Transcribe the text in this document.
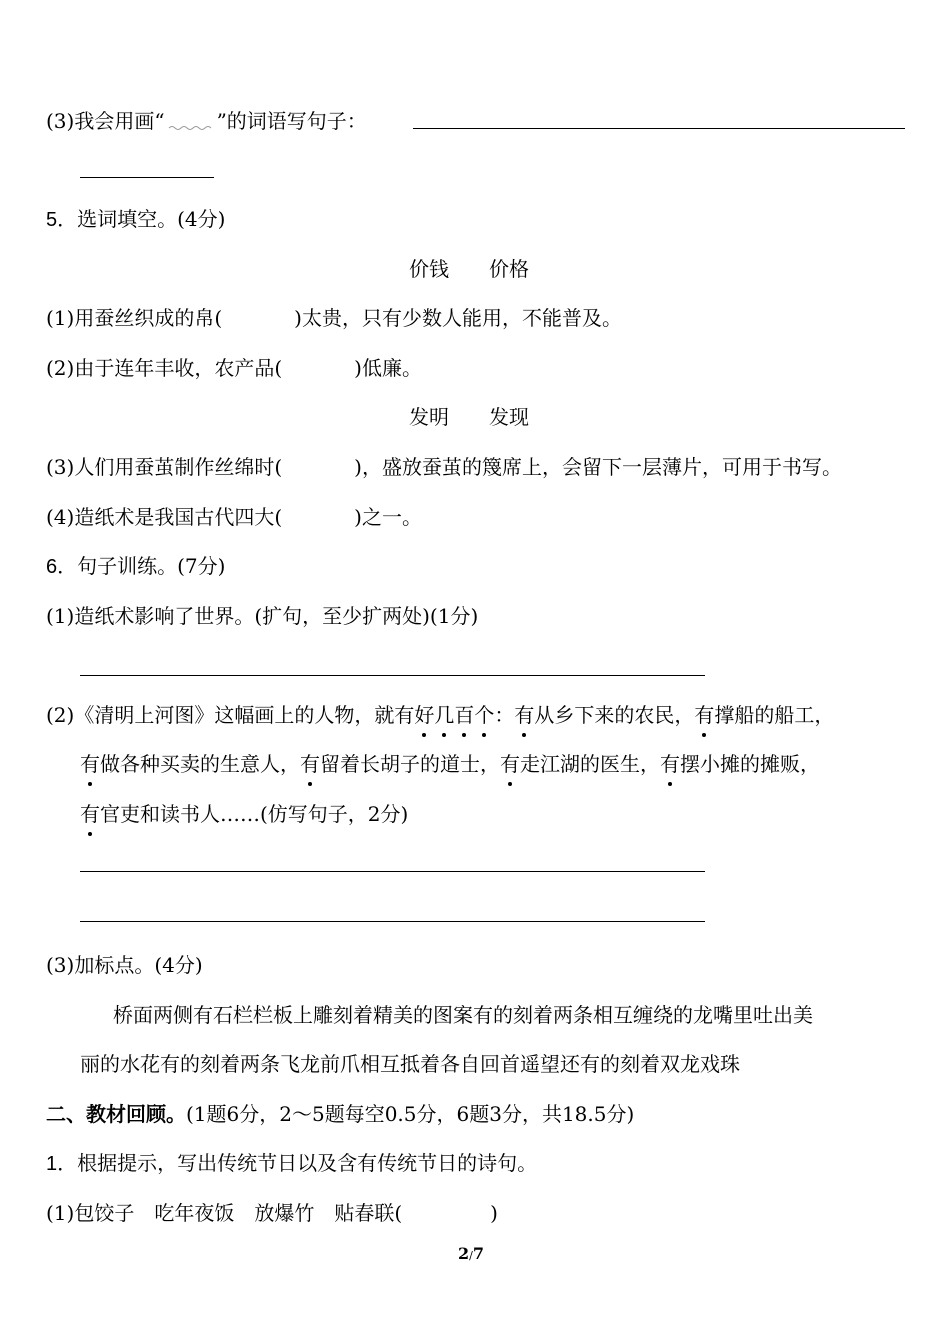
(3)我会用画“	”的词语写句子：
5．选词填空。(4分)
价钱　　价格
(1)用蚕丝织成的帛(	)太贵，只有少数人能用，不能普及。
(2)由于连年丰收，农产品(	)低廉。
发明　　发现
(3)人们用蚕茧制作丝绵时(	)，盛放蚕茧的篾席上，会留下一层薄片，可用于书写。
(4)造纸术是我国古代四大(	)之一。
6．句子训练。(7分)
(1)造纸术影响了世界。(扩句，至少扩两处)(1分)
(2)《清明上河图》这幅画上的人物，就有好几百个：有从乡下来的农民，有撑船的船工，
有做各种买卖的生意人，有留着长胡子的道士，有走江湖的医生，有摆小摊的摊贩，
有官吏和读书人……(仿写句子，2分)
(3)加标点。(4分)
桥面两侧有石栏栏板上雕刻着精美的图案有的刻着两条相互缠绕的龙嘴里吐出美
丽的水花有的刻着两条飞龙前爪相互抵着各自回首遥望还有的刻着双龙戏珠
二、教材回顾。(1题6分，2～5题每空0.5分，6题3分，共18.5分)
1．根据提示，写出传统节日以及含有传统节日的诗句。
(1)包饺子　吃年夜饭　放爆竹　贴春联(	)
2/7
